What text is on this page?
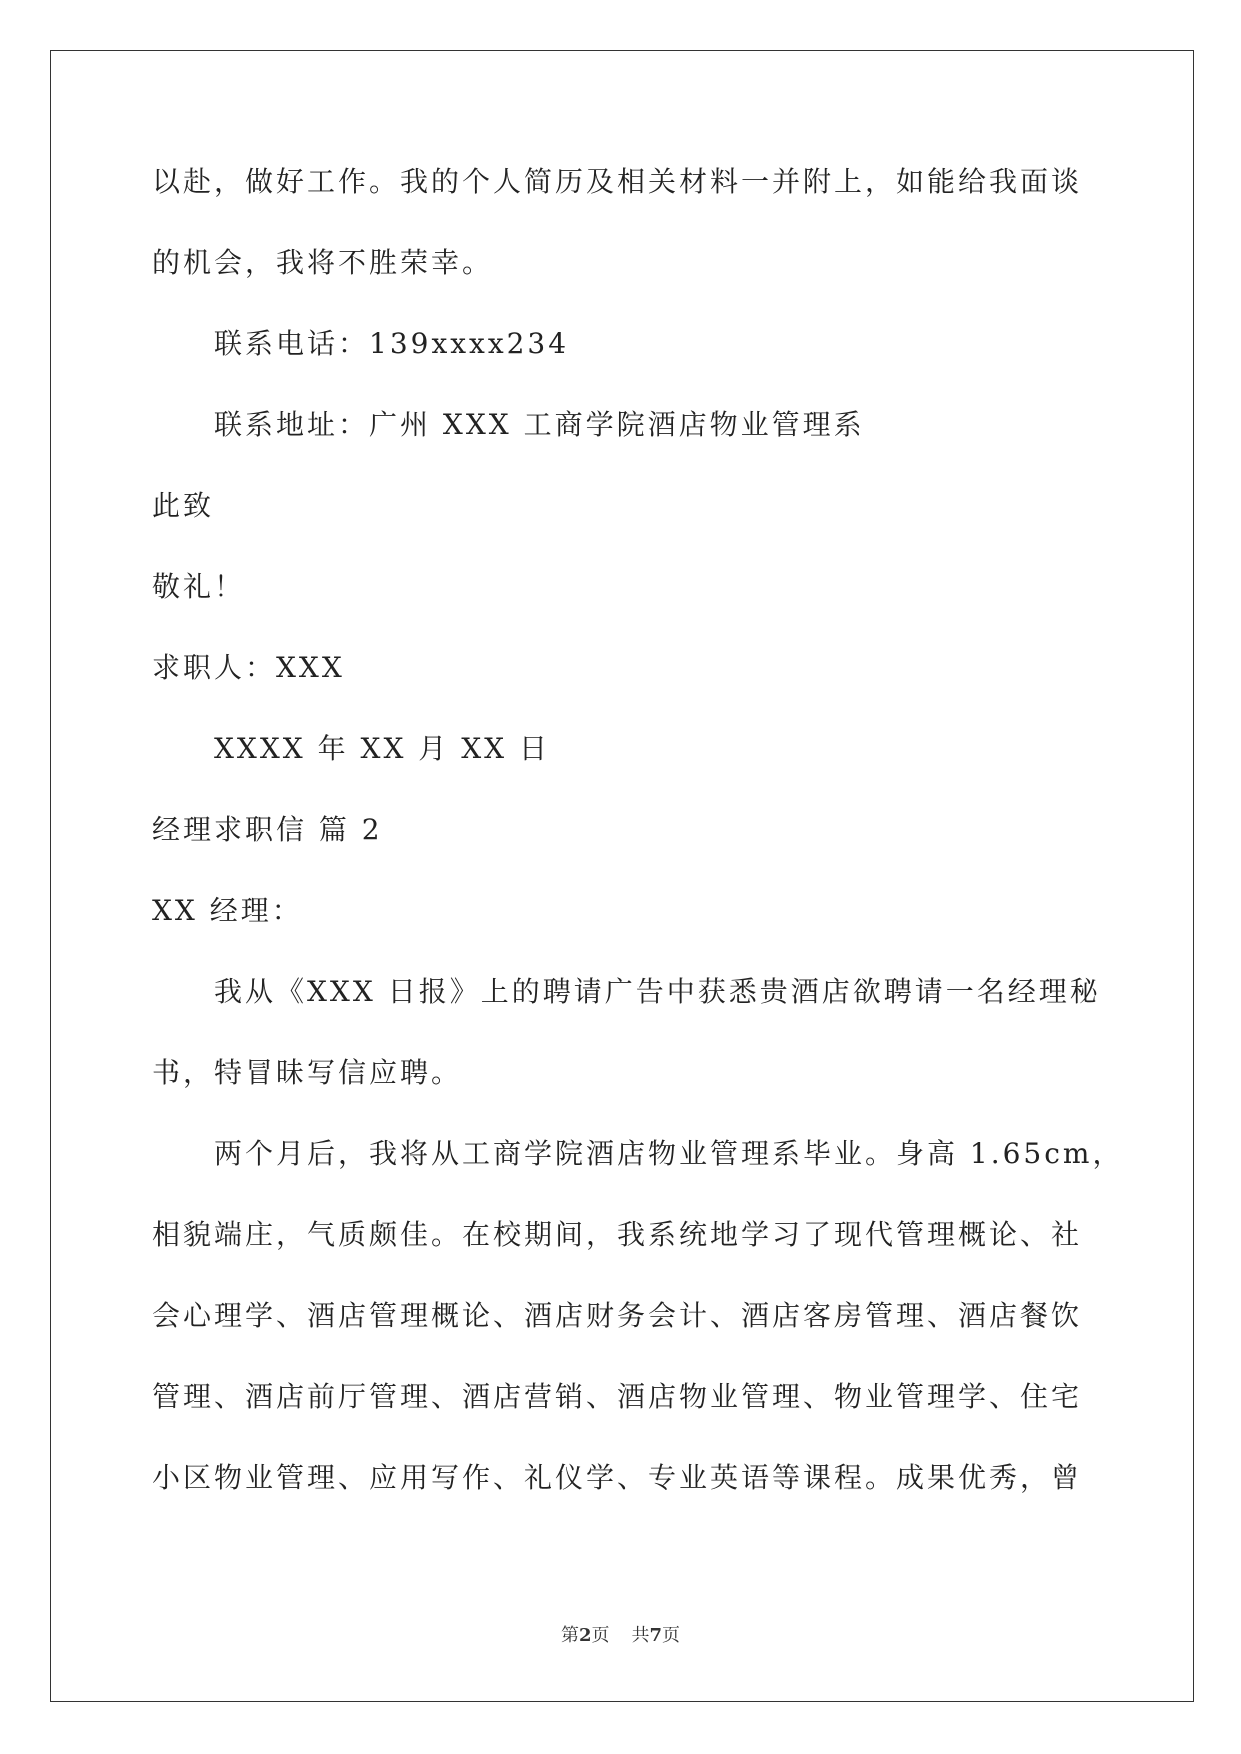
以赴，做好工作。我的个人简历及相关材料一并附上，如能给我面谈
的机会，我将不胜荣幸。
联系电话：139xxxx234
联系地址：广州 XXX 工商学院酒店物业管理系
此致
敬礼！
求职人：XXX
XXXX 年 XX 月 XX 日
经理求职信 篇 2
XX 经理：
我从《XXX 日报》上的聘请广告中获悉贵酒店欲聘请一名经理秘
书，特冒昧写信应聘。
两个月后，我将从工商学院酒店物业管理系毕业。身高 1.65cm，
相貌端庄，气质颇佳。在校期间，我系统地学习了现代管理概论、社
会心理学、酒店管理概论、酒店财务会计、酒店客房管理、酒店餐饮
管理、酒店前厅管理、酒店营销、酒店物业管理、物业管理学、住宅
小区物业管理、应用写作、礼仪学、专业英语等课程。成果优秀，曾
第2页 共7页
